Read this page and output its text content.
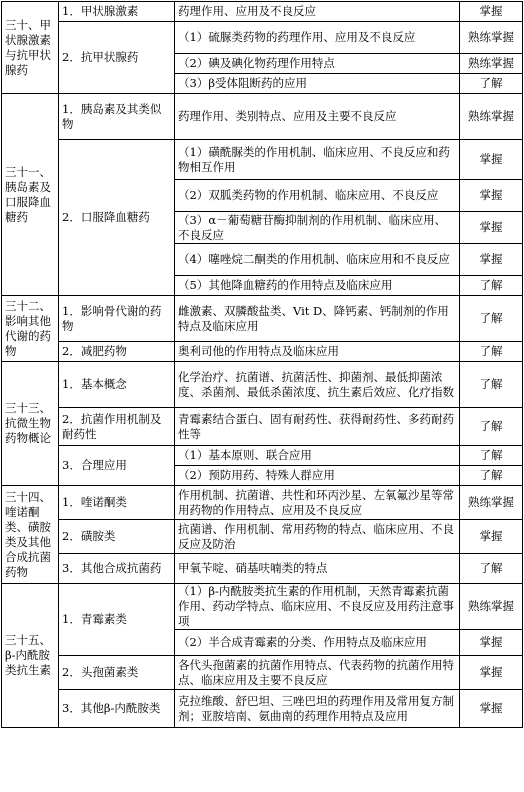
三十、甲状腺激素与抗甲状腺药	1．甲状腺激素	药理作用、应用及不良反应	掌握
	2．抗甲状腺药	（1）硫脲类药物的药理作用、应用及不良反应	熟练掌握
		（2）碘及碘化物药理作用特点	熟练掌握
		（3）β受体阻断药的应用	了解
三十一、胰岛素及口服降血糖药	1．胰岛素及其类似物	药理作用、类别特点、应用及主要不良反应	熟练掌握
	2．口服降血糖药	（1）磺酰脲类的作用机制、临床应用、不良反应和药物相互作用	掌握
		（2）双胍类药物的作用机制、临床应用、不良反应	掌握
		（3）α－葡萄糖苷酶抑制剂的作用机制、临床应用、不良反应	掌握
		（4）噻唑烷二酮类的作用机制、临床应用和不良反应	掌握
		（5）其他降血糖药的作用特点及临床应用	了解
三十二、影响其他代谢的药物	1．影响骨代谢的药物	雌激素、双膦酸盐类、Vit D、降钙素、钙制剂的作用特点及临床应用	了解
	2．减肥药物	奥利司他的作用特点及临床应用	了解
三十三、抗微生物药物概论	1．基本概念	化学治疗、抗菌谱、抗菌活性、抑菌剂、最低抑菌浓度、杀菌剂、最低杀菌浓度、抗生素后效应、化疗指数	了解
	2．抗菌作用机制及耐药性	青霉素结合蛋白、固有耐药性、获得耐药性、多药耐药性等	了解
	3．合理应用	（1）基本原则、联合应用	了解
		（2）预防用药、特殊人群应用	了解
三十四、喹诺酮类、磺胺类及其他合成抗菌药物	1．喹诺酮类	作用机制、抗菌谱、共性和环丙沙星、左氧氟沙星等常用药物的作用特点、应用及不良反应	熟练掌握
	2．磺胺类	抗菌谱、作用机制、常用药物的特点、临床应用、不良反应及防治	掌握
	3．其他合成抗菌药	甲氧苄啶、硝基呋喃类的特点	了解
三十五、β-内酰胺类抗生素	1．青霉素类	（1）β-内酰胺类抗生素的作用机制，天然青霉素抗菌作用、药动学特点、临床应用、不良反应及用药注意事项	熟练掌握
		（2）半合成青霉素的分类、作用特点及临床应用	掌握
	2．头孢菌素类	各代头孢菌素的抗菌作用特点、代表药物的抗菌作用特点、临床应用及主要不良反应	掌握
	3．其他β-内酰胺类	克拉维酸、舒巴坦、三唑巴坦的药理作用及常用复方制剂；亚胺培南、氨曲南的药理作用特点及应用	掌握
